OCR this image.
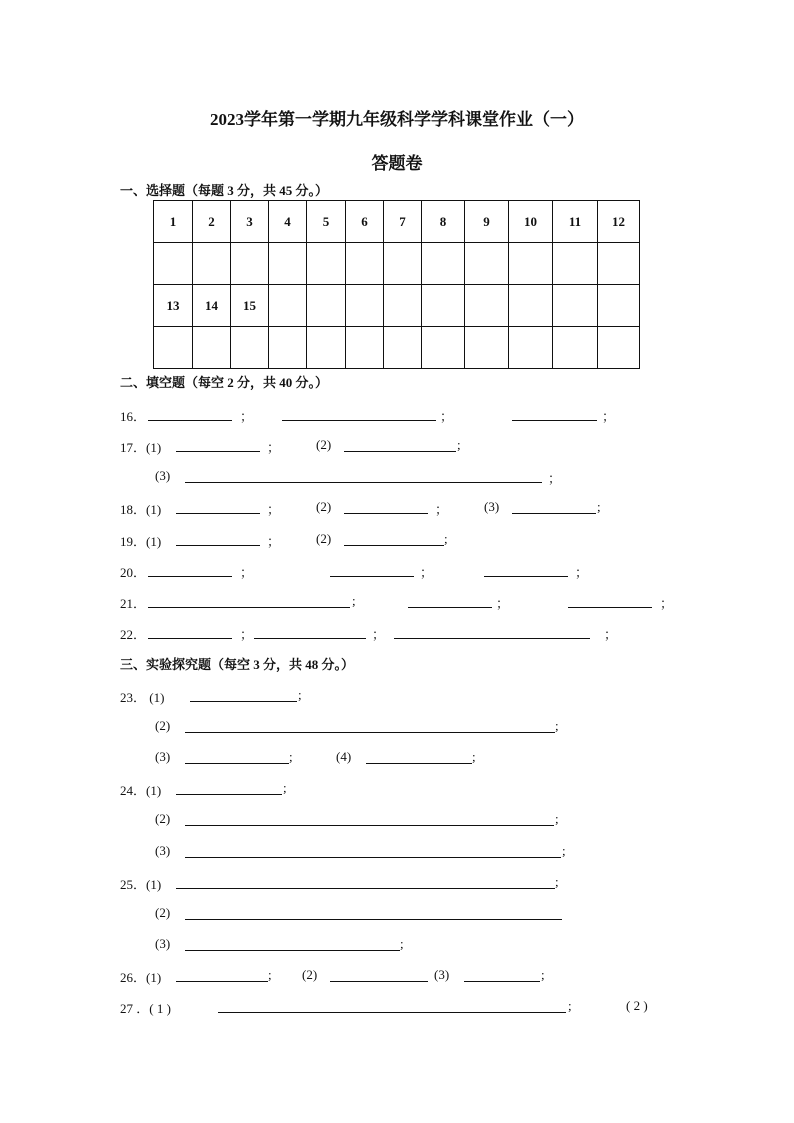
2023学年第一学期九年级科学学科课堂作业（一）
答题卷
一、选择题（每题 3 分，共 45 分。）
1	2	3	4	5	6	7	8	9	10	11	12

13	14	15									

二、填空题（每空 2 分，共 40 分。）
16．	；	；	；
17．(1)	；	(2)	;
(3)	；
18．(1)	；	(2)	；	(3)	;
19．(1)	；	(2)	;
20．	；	；	；
21．	;	；	；
22．	；	；	；
三、实验探究题（每空 3 分，共 48 分。）
23． (1)	;
(2)	;
(3)	;	(4)	;
24．(1)	;
(2)	;
(3)	;
25．(1)	;
(2)
(3)	;
26．(1)	; (2)	(3)	;
27 ．( 1 )	;	( 2 )
